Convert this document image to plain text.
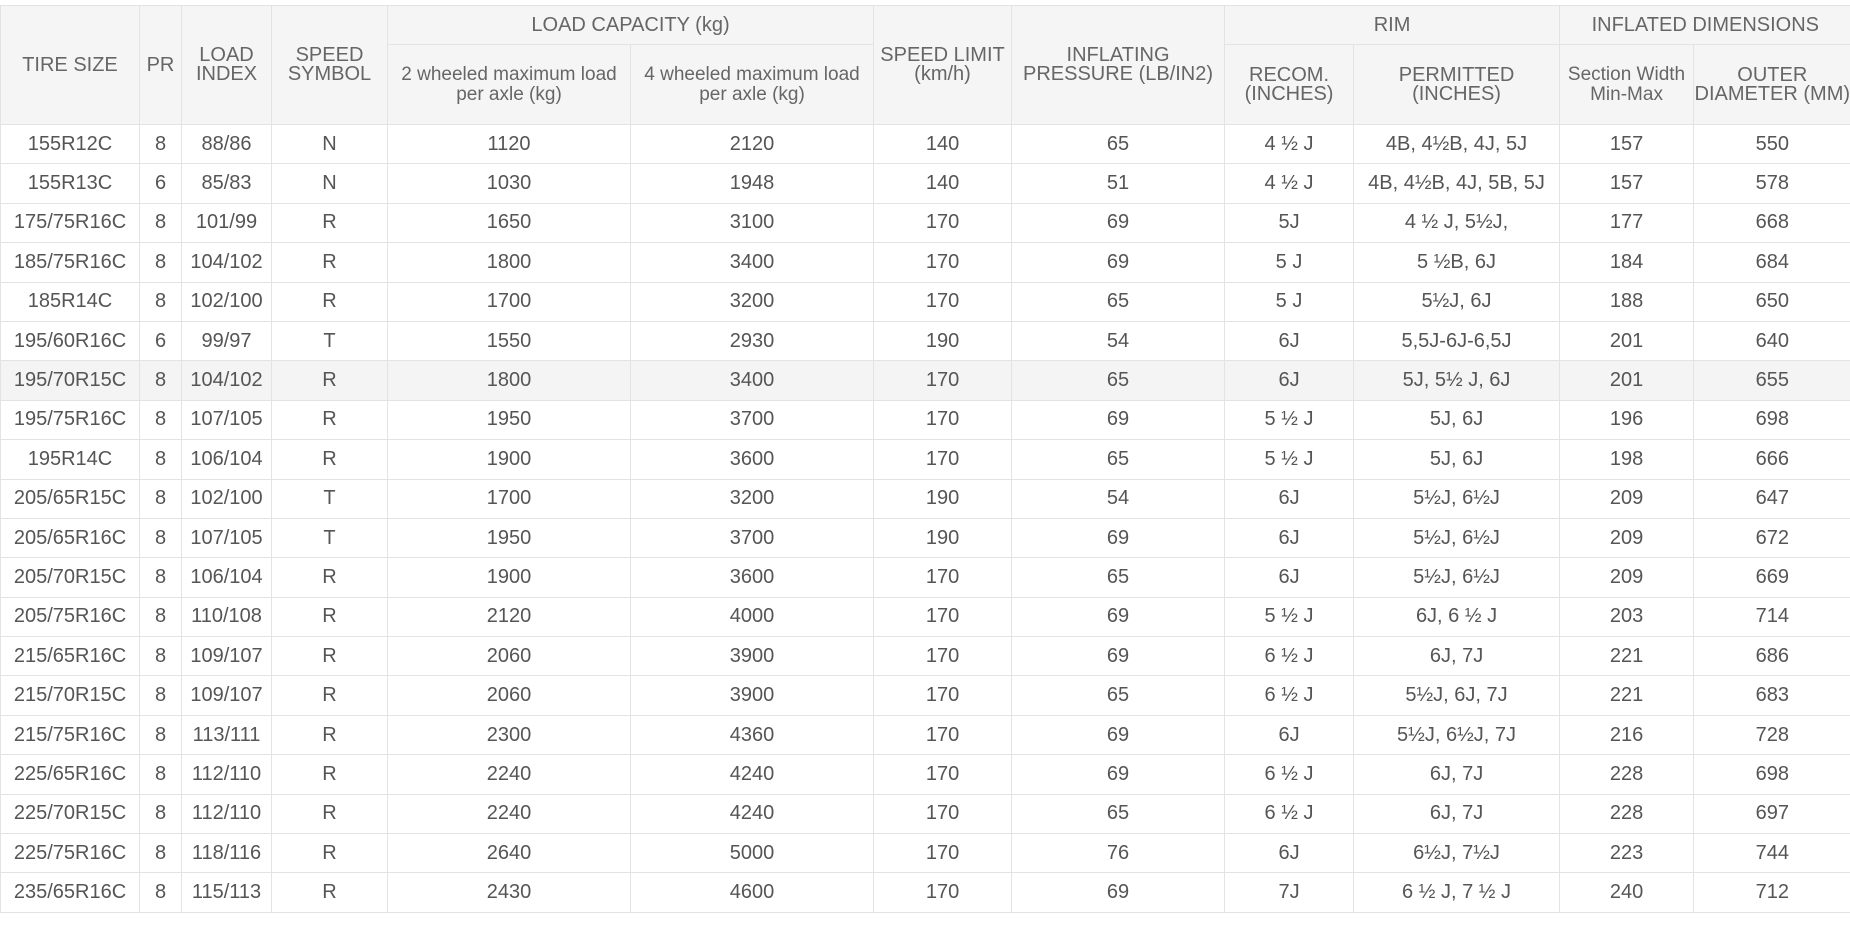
TIRE SIZE	PR	LOAD INDEX	SPEED SYMBOL	LOAD CAPACITY (kg)		SPEED LIMIT (km/h)	INFLATING PRESSURE (LB/IN2)	RIM		INFLATED DIMENSIONS	
				2 wheeled maximum load per axle (kg)	4 wheeled maximum load per axle (kg)			RECOM. (INCHES)	PERMITTED (INCHES)	Section Width Min-Max	OUTER DIAMETER (MM)
155R12C	8	88/86	N	1120	2120	140	65	4 ½ J	4B, 4½B, 4J, 5J	157	550
155R13C	6	85/83	N	1030	1948	140	51	4 ½ J	4B, 4½B, 4J, 5B, 5J	157	578
175/75R16C	8	101/99	R	1650	3100	170	69	5J	4 ½ J, 5½J,	177	668
185/75R16C	8	104/102	R	1800	3400	170	69	5 J	5 ½B, 6J	184	684
185R14C	8	102/100	R	1700	3200	170	65	5 J	5½J, 6J	188	650
195/60R16C	6	99/97	T	1550	2930	190	54	6J	5,5J-6J-6,5J	201	640
195/70R15C	8	104/102	R	1800	3400	170	65	6J	5J, 5½ J, 6J	201	655
195/75R16C	8	107/105	R	1950	3700	170	69	5 ½ J	5J, 6J	196	698
195R14C	8	106/104	R	1900	3600	170	65	5 ½ J	5J, 6J	198	666
205/65R15C	8	102/100	T	1700	3200	190	54	6J	5½J, 6½J	209	647
205/65R16C	8	107/105	T	1950	3700	190	69	6J	5½J, 6½J	209	672
205/70R15C	8	106/104	R	1900	3600	170	65	6J	5½J, 6½J	209	669
205/75R16C	8	110/108	R	2120	4000	170	69	5 ½ J	6J, 6 ½ J	203	714
215/65R16C	8	109/107	R	2060	3900	170	69	6 ½ J	6J, 7J	221	686
215/70R15C	8	109/107	R	2060	3900	170	65	6 ½ J	5½J, 6J, 7J	221	683
215/75R16C	8	113/111	R	2300	4360	170	69	6J	5½J, 6½J, 7J	216	728
225/65R16C	8	112/110	R	2240	4240	170	69	6 ½ J	6J, 7J	228	698
225/70R15C	8	112/110	R	2240	4240	170	65	6 ½ J	6J, 7J	228	697
225/75R16C	8	118/116	R	2640	5000	170	76	6J	6½J, 7½J	223	744
235/65R16C	8	115/113	R	2430	4600	170	69	7J	6 ½ J, 7 ½ J	240	712
